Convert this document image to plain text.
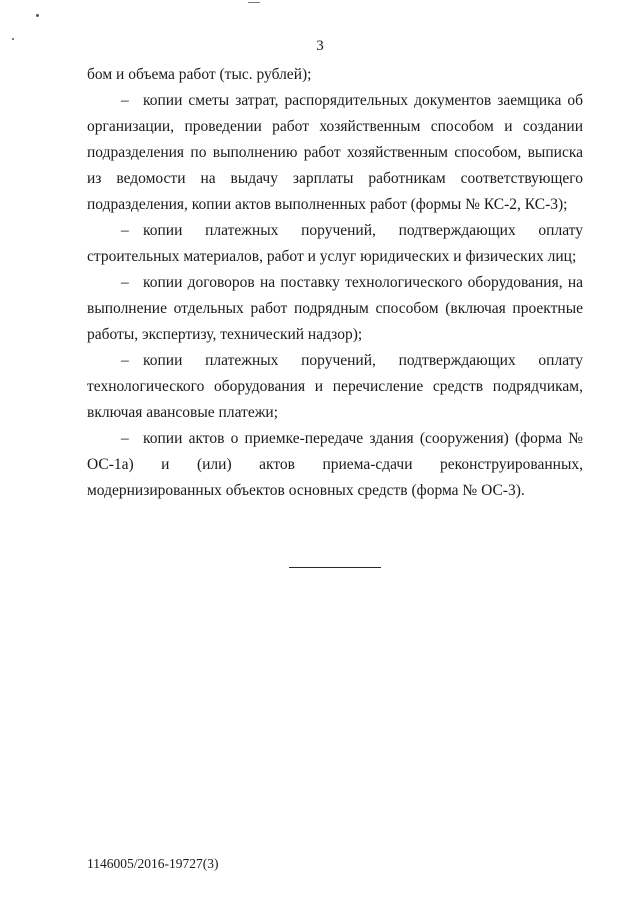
3

бом и объема работ (тыс. рублей);

– копии сметы затрат, распорядительных документов заемщика об организации, проведении работ хозяйственным способом и создании подразделения по выполнению работ хозяйственным способом, выписка из ведомости на выдачу зарплаты работникам соответствующего подразделения, копии актов выполненных работ (формы № КС-2, КС-3);

– копии платежных поручений, подтверждающих оплату строительных материалов, работ и услуг юридических и физических лиц;

– копии договоров на поставку технологического оборудования, на выполнение отдельных работ подрядным способом (включая проектные работы, экспертизу, технический надзор);

– копии платежных поручений, подтверждающих оплату технологического оборудования и перечисление средств подрядчикам, включая авансовые платежи;

– копии актов о приемке-передаче здания (сооружения) (форма № ОС-1а) и (или) актов приема-сдачи реконструированных, модернизированных объектов основных средств (форма № ОС-3).

1146005/2016-19727(3)
